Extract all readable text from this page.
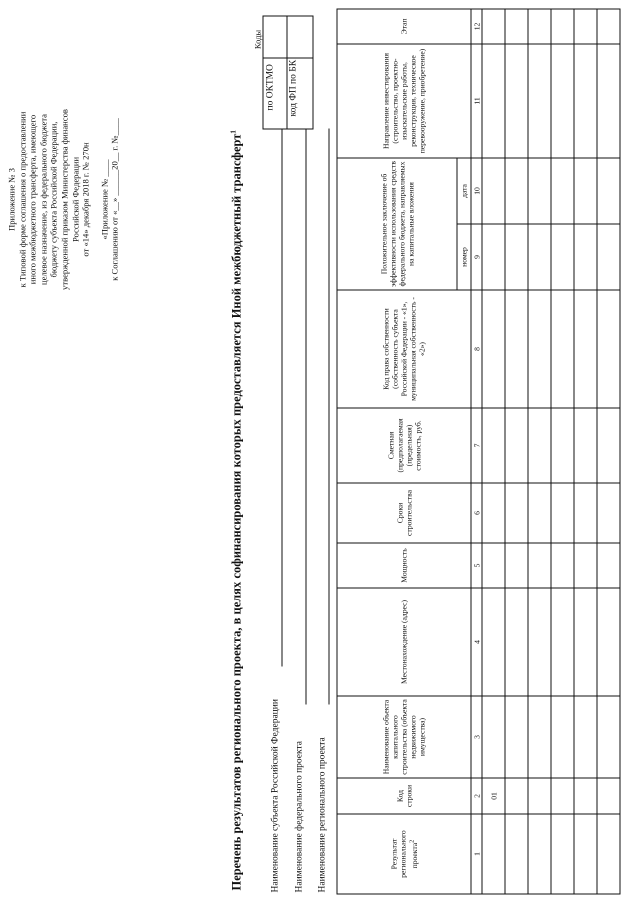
Приложение № 3 к Типовой форме соглашения о предоставлении иного межбюджетного трансферта, имеющего целевое назначение, из федерального бюджета бюджету субъекта Российской Федерации, утвержденной приказом Министерства финансов Российской Федерации от «14» декабря 2018 г. № 270н «Приложение № ____ к Соглашению от «__» ______20__ г. №____	Перечень результатов регионального проекта, в целях софинансирования которых предоставляется Иной межбюджетный трансферт$^1$
Коды
по ОКТМО код ФП по БК
Наименование субъекта Российской Федерации Наименование федерального проекта Наименование регионального проекта	Результат регионального проекта$^2$	Код строки	Наименование объекта капитального строительства (объекта недвижимого имущества)	Местонахождение (адрес)	Мощность	Сроки строительства	Сметная (предполагаемая (предельная) стоимость, руб.	Код права собственности (собственность субъекта Российской Федерации - «1», муниципальная собственность - «2»)	Положительное заключение об эффективности использования средств федерального бюджета, направляемых на капитальные вложения		Направление инвестирования (строительство, проектно-изыскательские работы, реконструкция, техническое перевооружение, приобретение)	Этап
								номер	дата		
1	2	3	4	5	6	7	8	9	10	11	12
	01										
